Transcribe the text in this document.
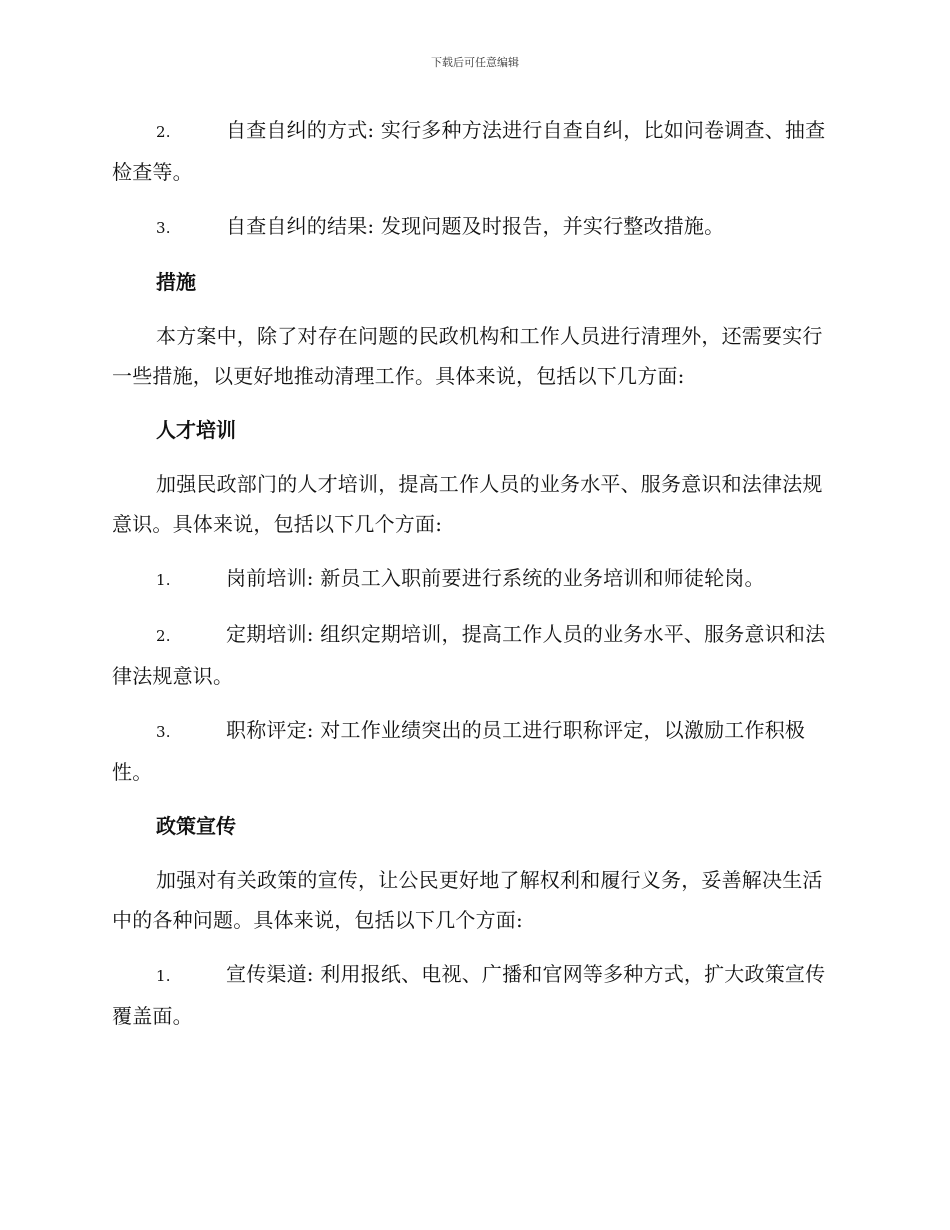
下载后可任意编辑
2.	自查自纠的方式: 实行多种方法进行自查自纠，比如问卷调查、抽查检查等。
3.	自查自纠的结果: 发现问题及时报告，并实行整改措施。
措施
本方案中，除了对存在问题的民政机构和工作人员进行清理外，还需要实行一些措施，以更好地推动清理工作。具体来说，包括以下几方面:
人才培训
加强民政部门的人才培训，提高工作人员的业务水平、服务意识和法律法规意识。具体来说，包括以下几个方面:
1.	岗前培训: 新员工入职前要进行系统的业务培训和师徒轮岗。
2.	定期培训: 组织定期培训，提高工作人员的业务水平、服务意识和法律法规意识。
3.	职称评定: 对工作业绩突出的员工进行职称评定，以激励工作积极性。
政策宣传
加强对有关政策的宣传，让公民更好地了解权利和履行义务，妥善解决生活中的各种问题。具体来说，包括以下几个方面:
1.	宣传渠道: 利用报纸、电视、广播和官网等多种方式，扩大政策宣传覆盖面。
